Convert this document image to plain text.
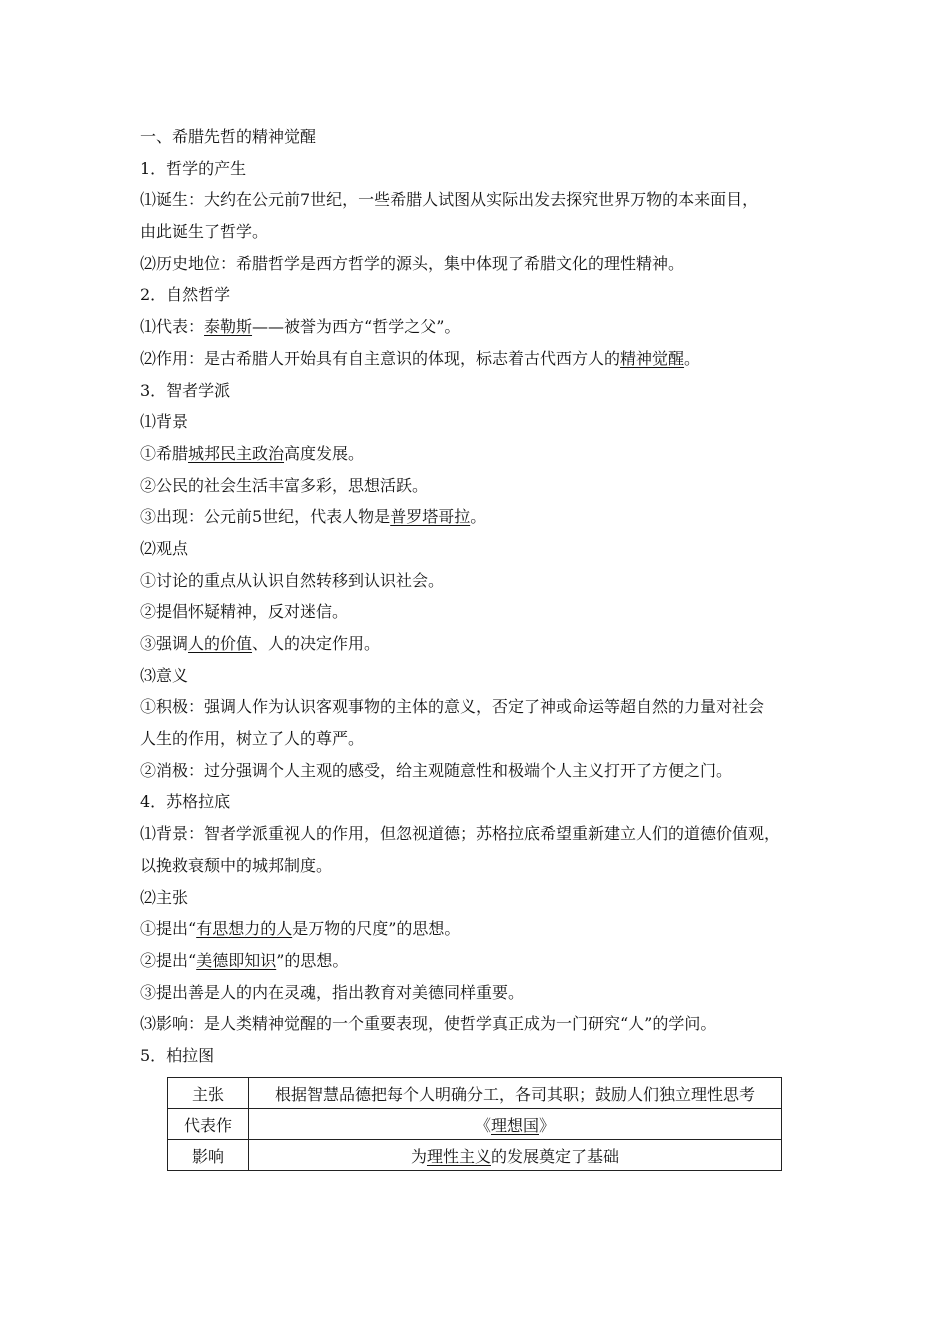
一、希腊先哲的精神觉醒
1．哲学的产生
⑴诞生：大约在公元前7世纪，一些希腊人试图从实际出发去探究世界万物的本来面目，
由此诞生了哲学。
⑵历史地位：希腊哲学是西方哲学的源头，集中体现了希腊文化的理性精神。
2．自然哲学
⑴代表：泰勒斯——被誉为西方“哲学之父”。
⑵作用：是古希腊人开始具有自主意识的体现，标志着古代西方人的精神觉醒。
3．智者学派
⑴背景
①希腊城邦民主政治高度发展。
②公民的社会生活丰富多彩，思想活跃。
③出现：公元前5世纪，代表人物是普罗塔哥拉。
⑵观点
①讨论的重点从认识自然转移到认识社会。
②提倡怀疑精神，反对迷信。
③强调人的价值、人的决定作用。
⑶意义
①积极：强调人作为认识客观事物的主体的意义，否定了神或命运等超自然的力量对社会
人生的作用，树立了人的尊严。
②消极：过分强调个人主观的感受，给主观随意性和极端个人主义打开了方便之门。
4．苏格拉底
⑴背景：智者学派重视人的作用，但忽视道德；苏格拉底希望重新建立人们的道德价值观，
以挽救衰颓中的城邦制度。
⑵主张
①提出“有思想力的人是万物的尺度”的思想。
②提出“美德即知识”的思想。
③提出善是人的内在灵魂，指出教育对美德同样重要。
⑶影响：是人类精神觉醒的一个重要表现，使哲学真正成为一门研究“人”的学问。
5．柏拉图
主张	根据智慧品德把每个人明确分工，各司其职；鼓励人们独立理性思考
代表作	《理想国》
影响	为理性主义的发展奠定了基础
